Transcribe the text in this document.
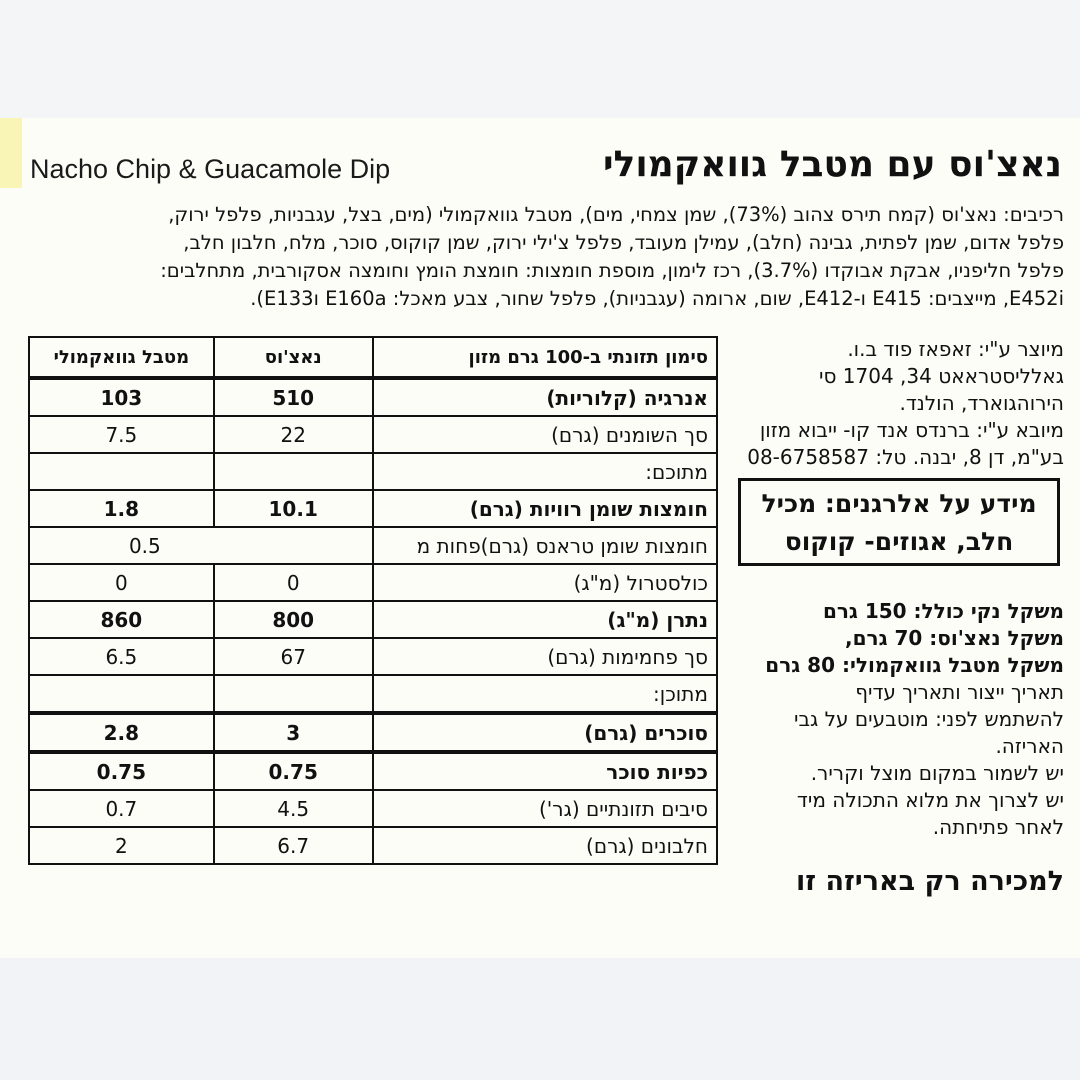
Nacho Chip & Guacamole Dip	נאצ'וס עם מטבל גוואקמולי
רכיבים: נאצ'וס (קמח תירס צהוב (73%), שמן צמחי, מים), מטבל גוואקמולי (מים, בצל, עגבניות, פלפל ירוק,
פלפל אדום, שמן לפתית, גבינה (חלב), עמילן מעובד, פלפל צ'ילי ירוק, שמן קוקוס, סוכר, מלח, חלבון חלב,
פלפל חליפניו, אבקת אבוקדו (3.7%), רכז לימון, מוספת חומצות: חומצת הומץ וחומצה אסקורבית, מתחלבים:
E452i, מייצבים: E415 ו-E412, שום, ארומה (עגבניות), פלפל שחור, צבע מאכל: E160a וE133).
סימון תזונתי ב-100 גרם מזון	נאצ'וס	מטבל גוואקמולי
אנרגיה (קלוריות)	510	103
סך השומנים (גרם)	22	7.5
מתוכם:		
חומצות שומן רוויות (גרם)	10.1	1.8
חומצות שומן טראנס (גרם)פחות מ	0.5	
כולסטרול (מ"ג)	0	0
נתרן (מ"ג)	800	860
סך פחמימות (גרם)	67	6.5
מתוכן:		
סוכרים (גרם)	3	2.8
כפיות סוכר	0.75	0.75
סיבים תזונתיים (גר')	4.5	0.7
חלבונים (גרם)	6.7	2
מיוצר ע"י: זאפאז פוד ב.ו.
גאלליסטראאט 34, 1704 סי
הירוהגוארד, הולנד.
מיובא ע"י: ברנדס אנד קו- ייבוא מזון
בע"מ, דן 8, יבנה. טל: 08-6758587
מידע על אלרגנים: מכיל
חלב, אגוזים- קוקוס
משקל נקי כולל: 150 גרם
משקל נאצ'וס: 70 גרם,
משקל מטבל גוואקמולי: 80 גרם
תאריך ייצור ותאריך עדיף
להשתמש לפני: מוטבעים על גבי
האריזה.
יש לשמור במקום מוצל וקריר.
יש לצרוך את מלוא התכולה מיד
לאחר פתיחתה.
למכירה רק באריזה זו
